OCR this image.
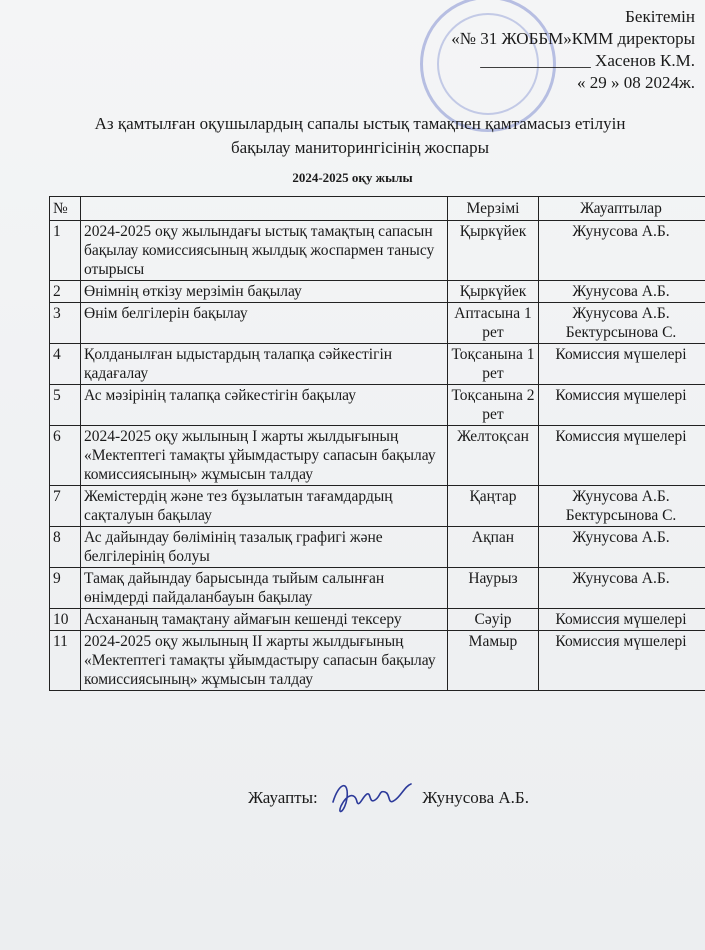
Бекітемін
«№ 31 ЖОББМ»КММ директоры
_____________ Хасенов К.М.
« 29 » 08 2024ж.
Аз қамтылған оқушылардың сапалы ыстық тамақпен қамтамасыз етілуін
бақылау маниторингісінің жоспары
2024-2025 оқу жылы
№		Мерзімі	Жауаптылар
1	2024-2025 оқу жылындағы ыстық тамақтың сапасын бақылау комиссиясының жылдық жоспармен танысу отырысы	Қыркүйек	Жунусова А.Б.
2	Өнімнің өткізу мерзімін бақылау	Қыркүйек	Жунусова А.Б.
3	Өнім белгілерін бақылау	Аптасына 1 рет	Жунусова А.Б. Бектурсынова С.
4	Қолданылған ыдыстардың талапқа сәйкестігін қадағалау	Тоқсанына 1 рет	Комиссия мүшелері
5	Ас мәзірінің талапқа сәйкестігін бақылау	Тоқсанына 2 рет	Комиссия мүшелері
6	2024-2025 оқу жылының І жарты жылдығының «Мектептегі тамақты ұйымдастыру сапасын бақылау комиссиясының» жұмысын талдау	Желтоқсан	Комиссия мүшелері
7	Жемістердің және тез бұзылатын тағамдардың сақталуын бақылау	Қаңтар	Жунусова А.Б. Бектурсынова С.
8	Ас дайындау бөлімінің тазалық графигі және белгілерінің болуы	Ақпан	Жунусова А.Б.
9	Тамақ дайындау барысында тыйым салынған өнімдерді пайдаланбауын бақылау	Наурыз	Жунусова А.Б.
10	Асхананың тамақтану аймағын кешенді тексеру	Сәуір	Комиссия мүшелері
11	2024-2025 оқу жылының ІІ жарты жылдығының «Мектептегі тамақты ұйымдастыру сапасын бақылау комиссиясының» жұмысын талдау	Мамыр	Комиссия мүшелері
Жауапты:	Жунусова А.Б.
